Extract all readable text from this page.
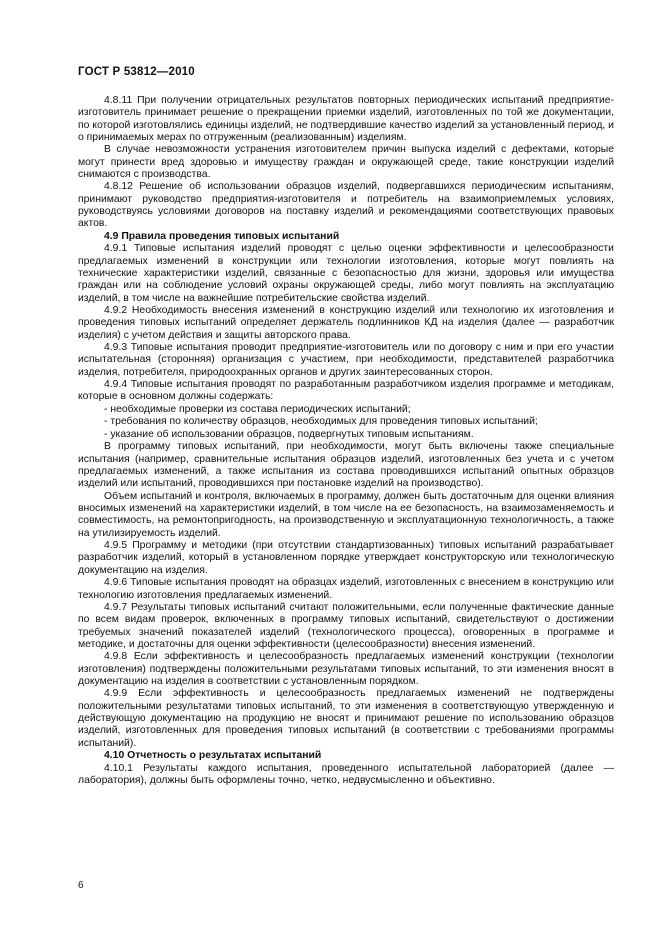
ГОСТ Р 53812—2010

4.8.11 При получении отрицательных результатов повторных периодических испытаний предприятие-изготовитель принимает решение о прекращении приемки изделий, изготовленных по той же документации, по которой изготовлялись единицы изделий, не подтвердившие качество изделий за установленный период, и о принимаемых мерах по отгруженным (реализованным) изделиям.

В случае невозможности устранения изготовителем причин выпуска изделий с дефектами, которые могут принести вред здоровью и имуществу граждан и окружающей среде, такие конструкции изделий снимаются с производства.

4.8.12 Решение об использовании образцов изделий, подвергавшихся периодическим испытаниям, принимают руководство предприятия-изготовителя и потребитель на взаимоприемлемых условиях, руководствуясь условиями договоров на поставку изделий и рекомендациями соответствующих правовых актов.

4.9 Правила проведения типовых испытаний

4.9.1 Типовые испытания изделий проводят с целью оценки эффективности и целесообразности предлагаемых изменений в конструкции или технологии изготовления, которые могут повлиять на технические характеристики изделий, связанные с безопасностью для жизни, здоровья или имущества граждан или на соблюдение условий охраны окружающей среды, либо могут повлиять на эксплуатацию изделий, в том числе на важнейшие потребительские свойства изделий.

4.9.2 Необходимость внесения изменений в конструкцию изделий или технологию их изготовления и проведения типовых испытаний определяет держатель подлинников КД на изделия (далее — разработчик изделия) с учетом действия и защиты авторского права.

4.9.3 Типовые испытания проводит предприятие-изготовитель или по договору с ним и при его участии испытательная (сторонняя) организация с участием, при необходимости, представителей разработчика изделия, потребителя, природоохранных органов и других заинтересованных сторон.

4.9.4 Типовые испытания проводят по разработанным разработчиком изделия программе и методикам, которые в основном должны содержать:

- необходимые проверки из состава периодических испытаний;

- требования по количеству образцов, необходимых для проведения типовых испытаний;

- указание об использовании образцов, подвергнутых типовым испытаниям.

В программу типовых испытаний, при необходимости, могут быть включены также специальные испытания (например, сравнительные испытания образцов изделий, изготовленных без учета и с учетом предлагаемых изменений, а также испытания из состава проводившихся испытаний опытных образцов изделий или испытаний, проводившихся при постановке изделий на производство).

Объем испытаний и контроля, включаемых в программу, должен быть достаточным для оценки влияния вносимых изменений на характеристики изделий, в том числе на ее безопасность, на взаимозаменяемость и совместимость, на ремонтопригодность, на производственную и эксплуатационную технологичность, а также на утилизируемость изделий.

4.9.5 Программу и методики (при отсутствии стандартизованных) типовых испытаний разрабатывает разработчик изделий, который в установленном порядке утверждает конструкторскую или технологическую документацию на изделия.

4.9.6 Типовые испытания проводят на образцах изделий, изготовленных с внесением в конструкцию или технологию изготовления предлагаемых изменений.

4.9.7 Результаты типовых испытаний считают положительными, если полученные фактические данные по всем видам проверок, включенных в программу типовых испытаний, свидетельствуют о достижении требуемых значений показателей изделий (технологического процесса), оговоренных в программе и методике, и достаточны для оценки эффективности (целесообразности) внесения изменений.

4.9.8 Если эффективность и целесообразность предлагаемых изменений конструкции (технологии изготовления) подтверждены положительными результатами типовых испытаний, то эти изменения вносят в документацию на изделия в соответствии с установленным порядком.

4.9.9 Если эффективность и целесообразность предлагаемых изменений не подтверждены положительными результатами типовых испытаний, то эти изменения в соответствующую утвержденную и действующую документацию на продукцию не вносят и принимают решение по использованию образцов изделий, изготовленных для проведения типовых испытаний (в соответствии с требованиями программы испытаний).

4.10 Отчетность о результатах испытаний

4.10.1 Результаты каждого испытания, проведенного испытательной лабораторией (далее — лаборатория), должны быть оформлены точно, четко, недвусмысленно и объективно.

6
